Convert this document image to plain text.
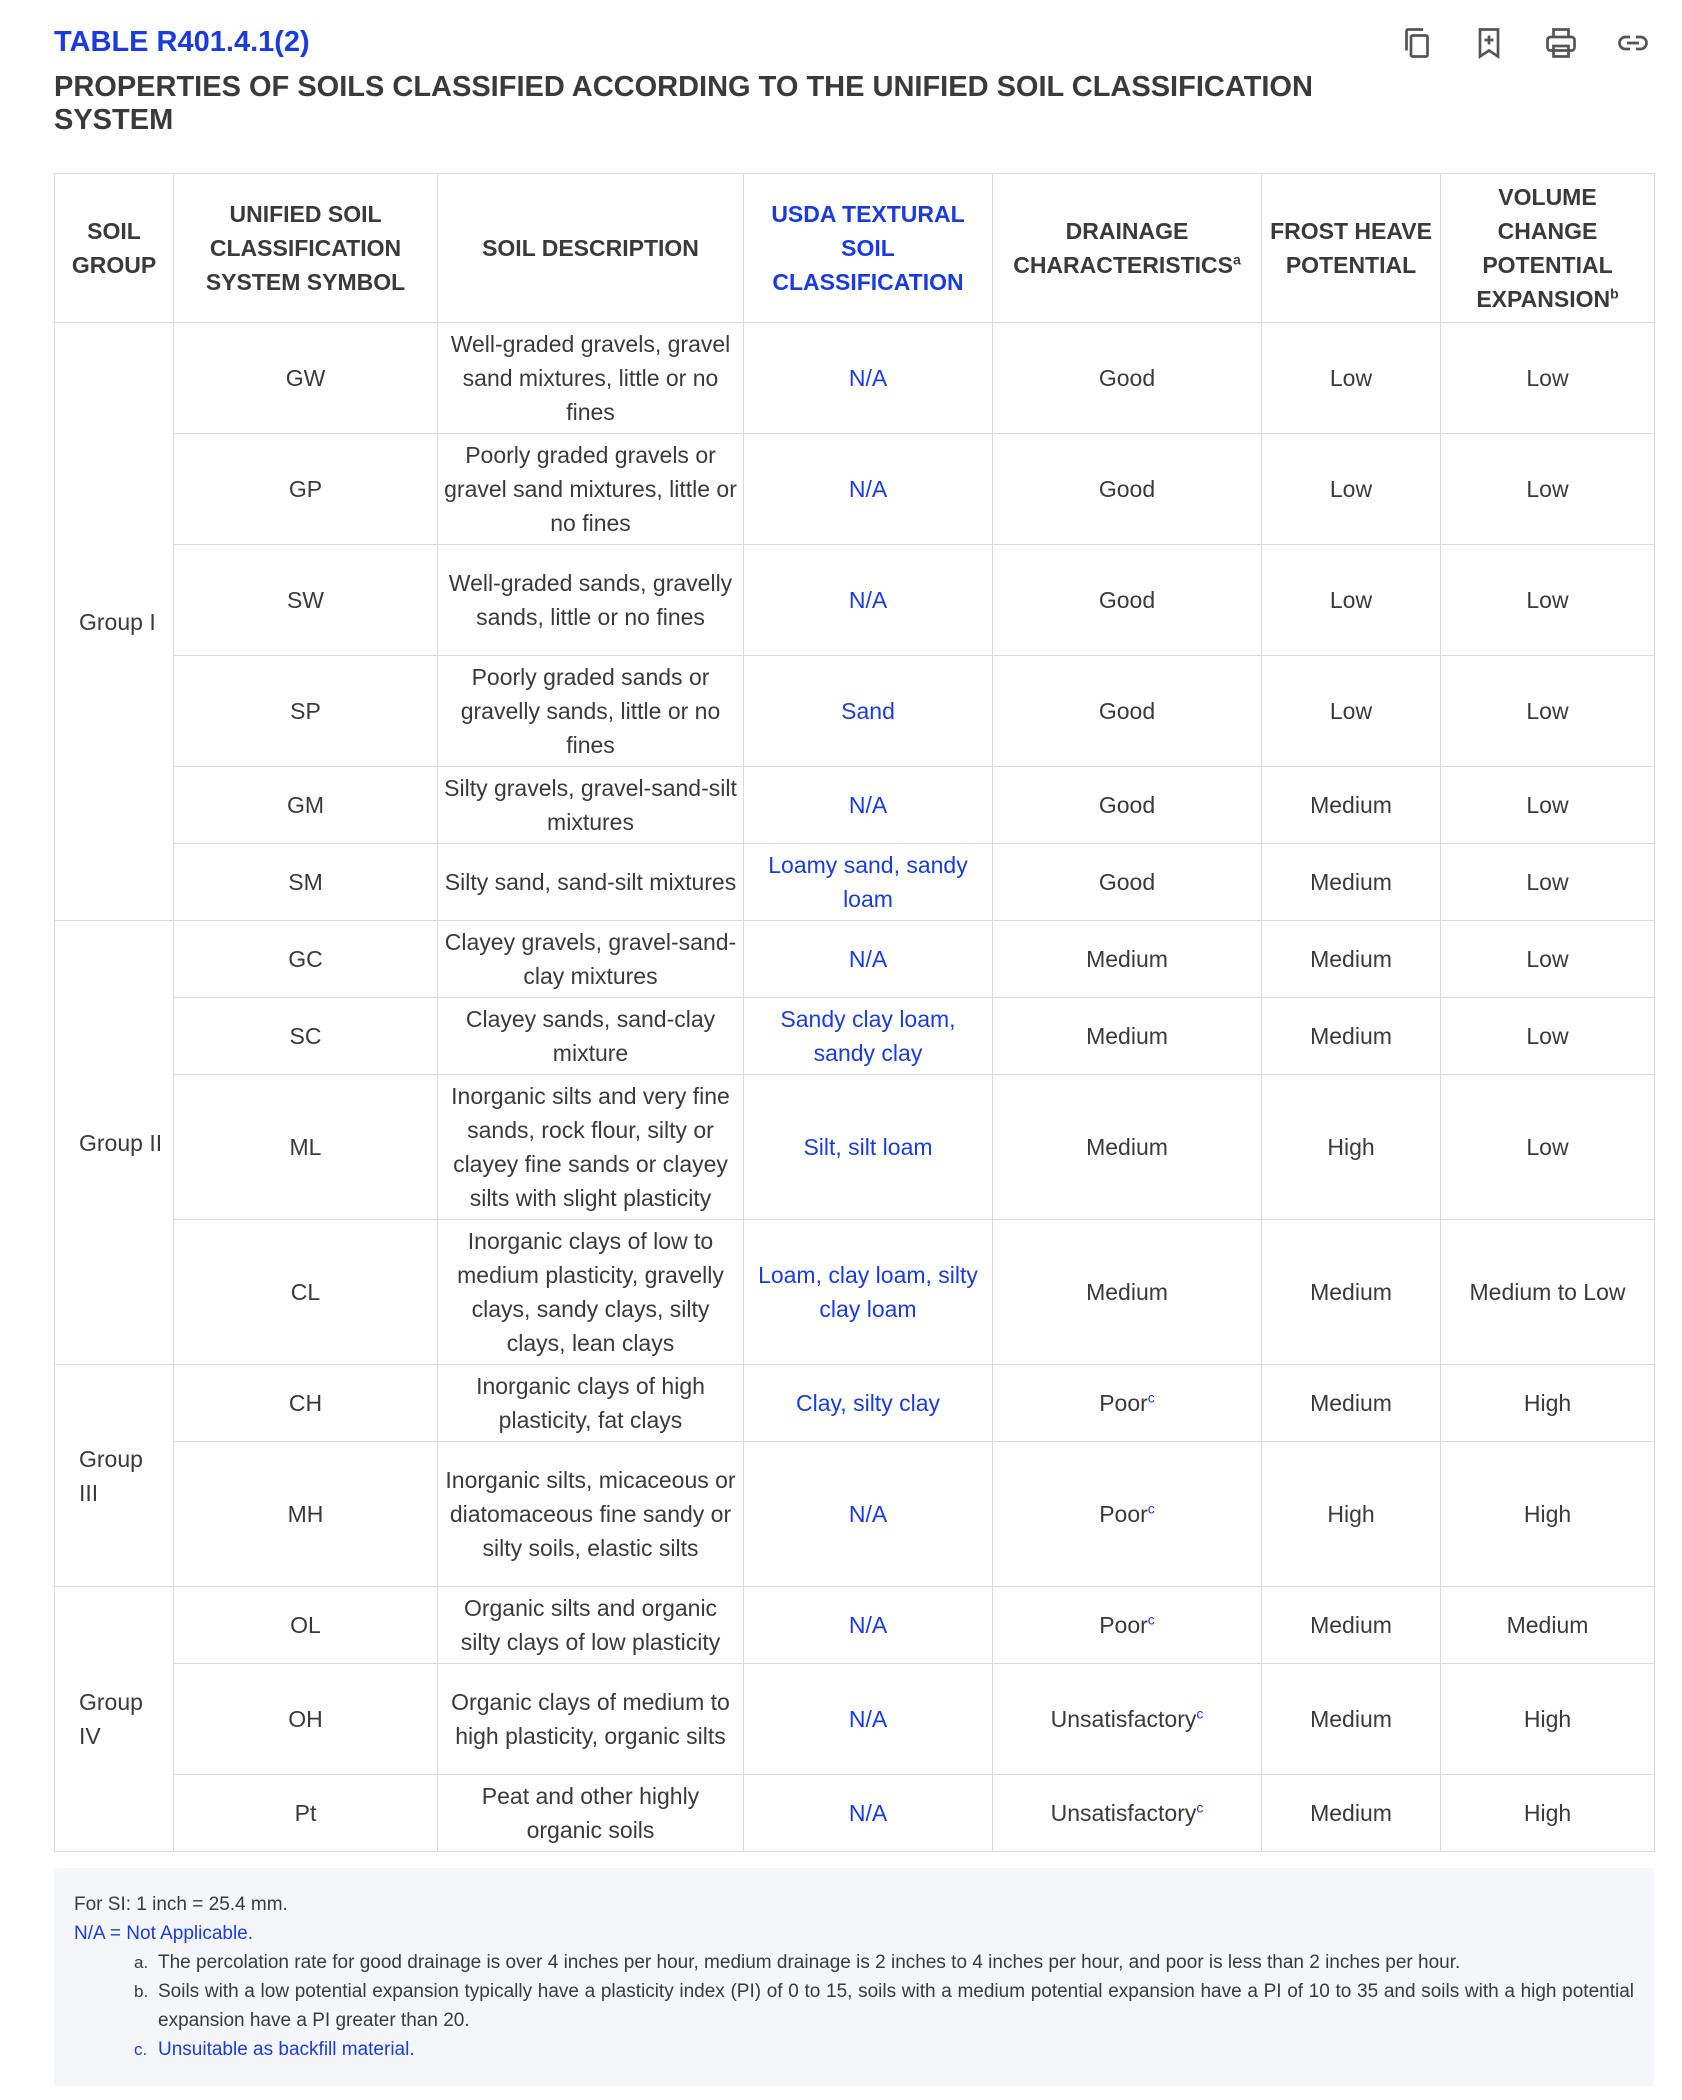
TABLE R401.4.1(2)
PROPERTIES OF SOILS CLASSIFIED ACCORDING TO THE UNIFIED SOIL CLASSIFICATION SYSTEM
SOIL GROUP	UNIFIED SOIL CLASSIFICATION SYSTEM SYMBOL	SOIL DESCRIPTION	USDA TEXTURAL SOIL CLASSIFICATION	DRAINAGE CHARACTERISTICS$^a$	FROST HEAVE POTENTIAL	VOLUME CHANGE POTENTIAL EXPANSION$^b$
Group I	GW	Well-graded gravels, gravel sand mixtures, little or no fines	N/A	Good	Low	Low
	GP	Poorly graded gravels or gravel sand mixtures, little or no fines	N/A	Good	Low	Low
	SW	Well-graded sands, gravelly sands, little or no fines	N/A	Good	Low	Low
	SP	Poorly graded sands or gravelly sands, little or no fines	Sand	Good	Low	Low
	GM	Silty gravels, gravel-sand-silt mixtures	N/A	Good	Medium	Low
	SM	Silty sand, sand-silt mixtures	Loamy sand, sandy loam	Good	Medium	Low
Group II	GC	Clayey gravels, gravel-sand-clay mixtures	N/A	Medium	Medium	Low
	SC	Clayey sands, sand-clay mixture	Sandy clay loam, sandy clay	Medium	Medium	Low
	ML	Inorganic silts and very fine sands, rock flour, silty or clayey fine sands or clayey silts with slight plasticity	Silt, silt loam	Medium	High	Low
	CL	Inorganic clays of low to medium plasticity, gravelly clays, sandy clays, silty clays, lean clays	Loam, clay loam, silty clay loam	Medium	Medium	Medium to Low
Group III	CH	Inorganic clays of high plasticity, fat clays	Clay, silty clay	Poor$^c$	Medium	High
	MH	Inorganic silts, micaceous or diatomaceous fine sandy or silty soils, elastic silts	N/A	Poor$^c$	High	High
Group IV	OL	Organic silts and organic silty clays of low plasticity	N/A	Poor$^c$	Medium	Medium
	OH	Organic clays of medium to high plasticity, organic silts	N/A	Unsatisfactory$^c$	Medium	High
	Pt	Peat and other highly organic soils	N/A	Unsatisfactory$^c$	Medium	High
For SI: 1 inch = 25.4 mm.
N/A = Not Applicable.
a. The percolation rate for good drainage is over 4 inches per hour, medium drainage is 2 inches to 4 inches per hour, and poor is less than 2 inches per hour.
b. Soils with a low potential expansion typically have a plasticity index (PI) of 0 to 15, soils with a medium potential expansion have a PI of 10 to 35 and soils with a high potential expansion have a PI greater than 20.
c. Unsuitable as backfill material.
